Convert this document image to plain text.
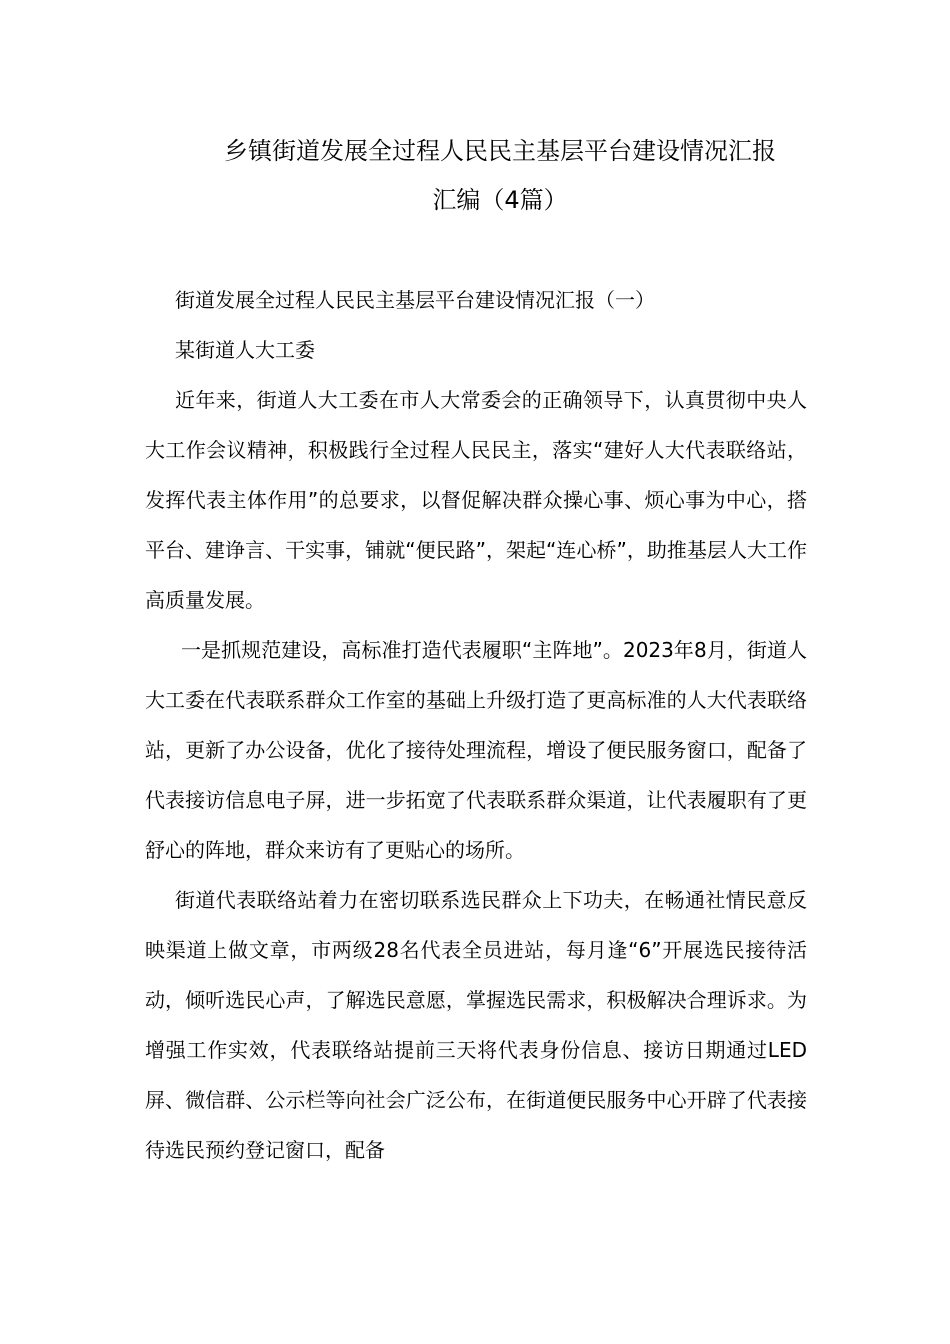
乡镇街道发展全过程人民民主基层平台建设情况汇报
汇编（4篇）

街道发展全过程人民民主基层平台建设情况汇报（一）

某街道人大工委

近年来，街道人大工委在市人大常委会的正确领导下，认真贯彻中央人大工作会议精神，积极践行全过程人民民主，落实“建好人大代表联络站，发挥代表主体作用”的总要求，以督促解决群众操心事、烦心事为中心，搭平台、建诤言、干实事，铺就“便民路”，架起“连心桥”，助推基层人大工作高质量发展。

一是抓规范建设，高标准打造代表履职“主阵地”。2023年8月，街道人大工委在代表联系群众工作室的基础上升级打造了更高标准的人大代表联络站，更新了办公设备，优化了接待处理流程，增设了便民服务窗口，配备了代表接访信息电子屏，进一步拓宽了代表联系群众渠道，让代表履职有了更舒心的阵地，群众来访有了更贴心的场所。

街道代表联络站着力在密切联系选民群众上下功夫，在畅通社情民意反映渠道上做文章，市两级28名代表全员进站，每月逢“6”开展选民接待活动，倾听选民心声，了解选民意愿，掌握选民需求，积极解决合理诉求。为增强工作实效，代表联络站提前三天将代表身份信息、接访日期通过LED屏、微信群、公示栏等向社会广泛公布，在街道便民服务中心开辟了代表接待选民预约登记窗口，配备
